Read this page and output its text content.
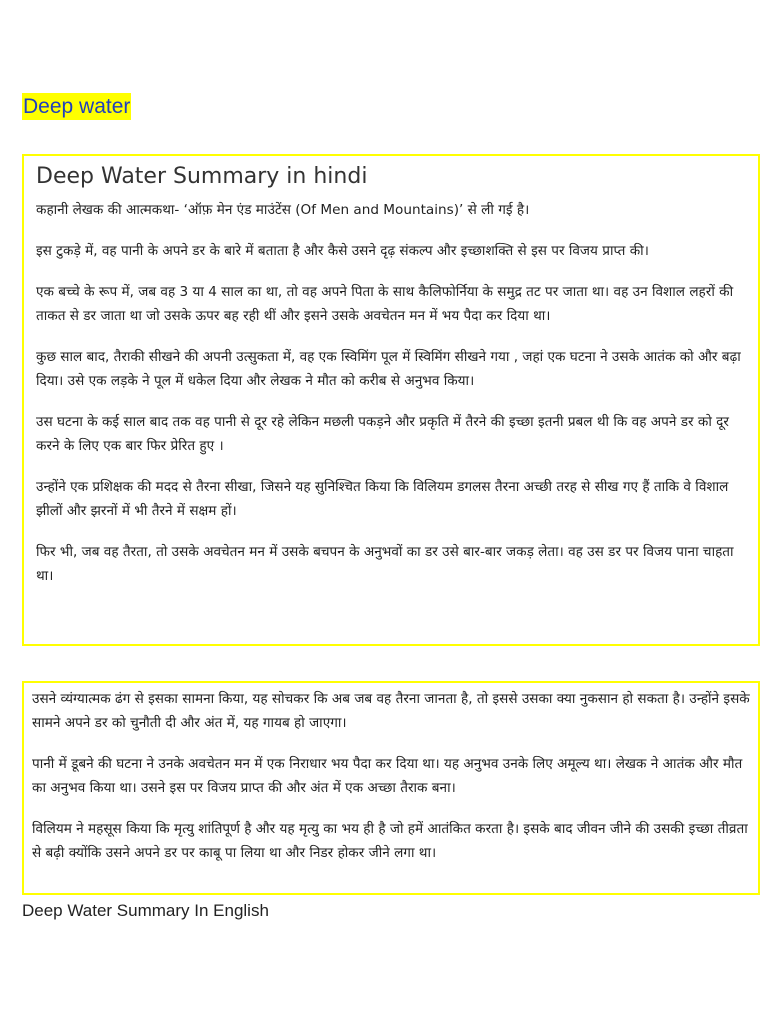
Deep water
Deep Water Summary in hindi

कहानी लेखक की आत्मकथा- ‘ऑफ़ मेन एंड माउंटेंस (Of Men and Mountains)’ से ली गई है।

इस टुकड़े में, वह पानी के अपने डर के बारे में बताता है और कैसे उसने दृढ़ संकल्प और इच्छाशक्ति से इस पर विजय प्राप्त की।

एक बच्चे के रूप में, जब वह 3 या 4 साल का था, तो वह अपने पिता के साथ कैलिफोर्निया के समुद्र तट पर जाता था। वह उन विशाल लहरों की ताकत से डर जाता था जो उसके ऊपर बह रही थीं और इसने उसके अवचेतन मन में भय पैदा कर दिया था।

कुछ साल बाद, तैराकी सीखने की अपनी उत्सुकता में, वह एक स्विमिंग पूल में स्विमिंग सीखने गया , जहां एक घटना ने उसके आतंक को और बढ़ा दिया। उसे एक लड़के ने पूल में धकेल दिया और लेखक ने मौत को करीब से अनुभव किया।

उस घटना के कई साल बाद तक वह पानी से दूर रहे लेकिन मछली पकड़ने और प्रकृति में तैरने की इच्छा इतनी प्रबल थी कि वह अपने डर को दूर करने के लिए एक बार फिर प्रेरित हुए ।

उन्होंने एक प्रशिक्षक की मदद से तैरना सीखा, जिसने यह सुनिश्चित किया कि विलियम डगलस तैरना अच्छी तरह से सीख गए हैं ताकि वे विशाल झीलों और झरनों में भी तैरने में सक्षम हों।

फिर भी, जब वह तैरता, तो उसके अवचेतन मन में उसके बचपन के अनुभवों का डर उसे बार-बार जकड़ लेता। वह उस डर पर विजय पाना चाहता था।

उसने व्यंग्यात्मक ढंग से इसका सामना किया, यह सोचकर कि अब जब वह तैरना जानता है, तो इससे उसका क्या नुकसान हो सकता है। उन्होंने इसके सामने अपने डर को चुनौती दी और अंत में, यह गायब हो जाएगा।

पानी में डूबने की घटना ने उनके अवचेतन मन में एक निराधार भय पैदा कर दिया था। यह अनुभव उनके लिए अमूल्य था। लेखक ने आतंक और मौत का अनुभव किया था। उसने इस पर विजय प्राप्त की और अंत में एक अच्छा तैराक बना।

विलियम ने महसूस किया कि मृत्यु शांतिपूर्ण है और यह मृत्यु का भय ही है जो हमें आतंकित करता है। इसके बाद जीवन जीने की उसकी इच्छा तीव्रता से बढ़ी क्योंकि उसने अपने डर पर काबू पा लिया था और निडर होकर जीने लगा था।

Deep Water Summary In English
